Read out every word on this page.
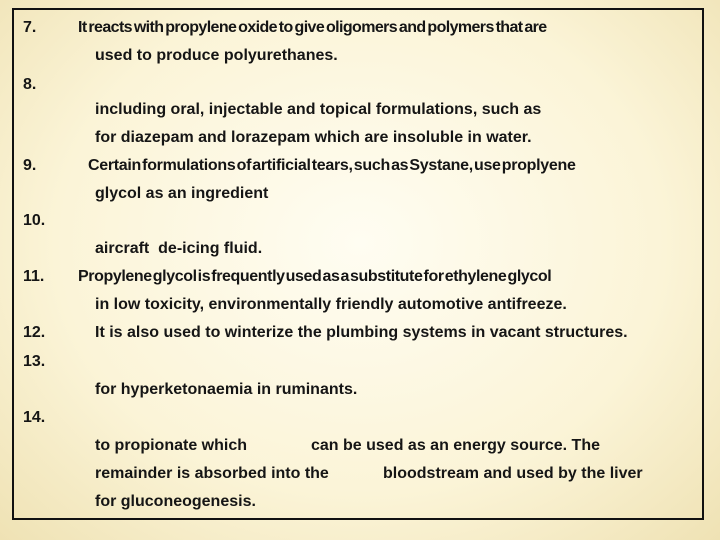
7.	It reacts with propylene oxide to give oligomers and polymers that are
used to produce polyurethanes.
8.
including oral, injectable and topical formulations, such as
for diazepam and lorazepam which are insoluble in water.
9.	Certain formulations of artificial tears, such as Systane, use proplyene
glycol as an ingredient
10.
aircraft  de-icing fluid.
11. Propylene glycol is frequently used as a substitute for ethylene glycol
in low toxicity, environmentally friendly automotive antifreeze.
12.	It is also used to winterize the plumbing systems in vacant structures.
13.
for hyperketonaemia in ruminants.
14.
to propionate which	can be used as an energy source. The
remainder is absorbed into the	bloodstream and used by the liver
for gluconeogenesis.
